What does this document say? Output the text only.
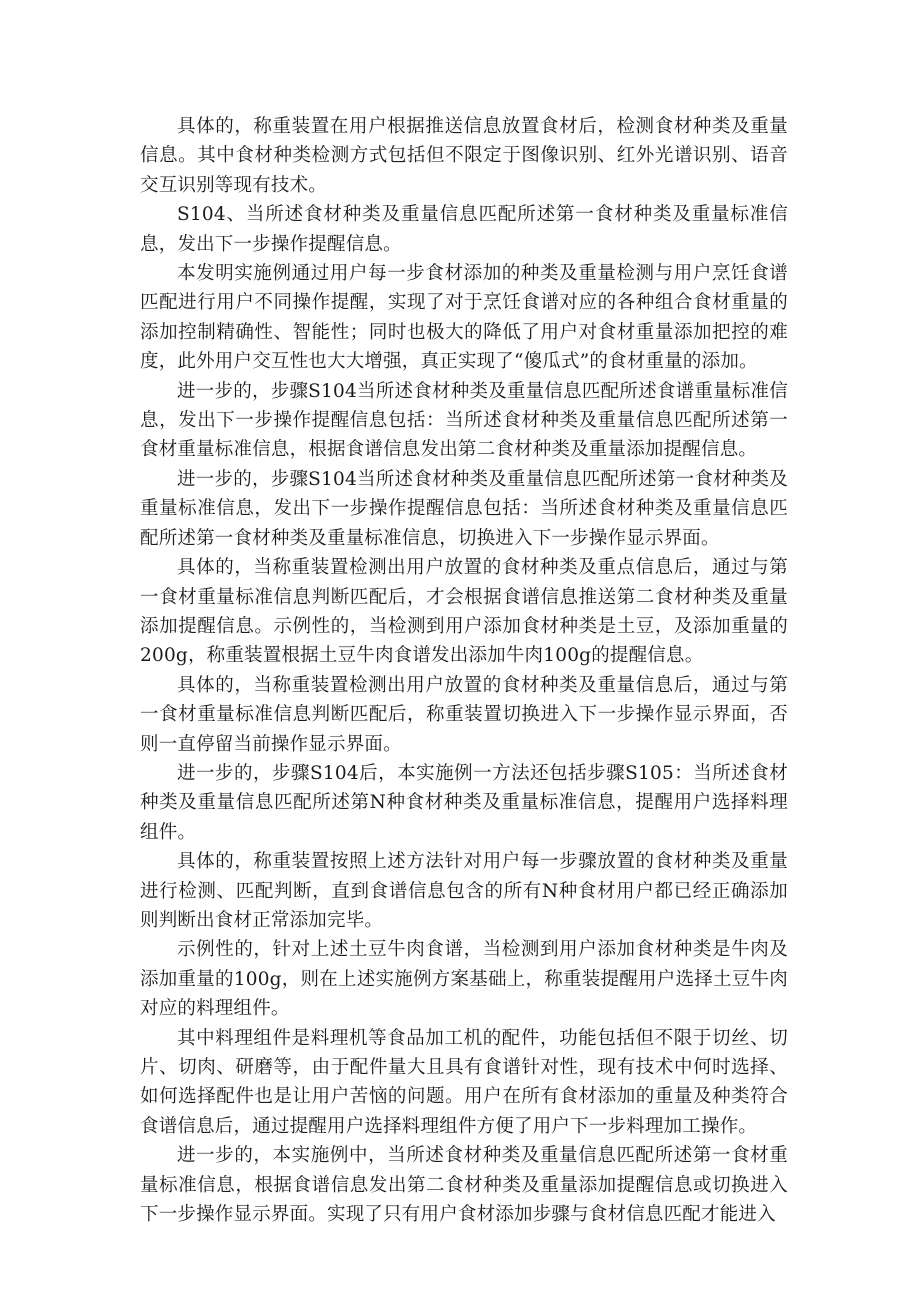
具体的，称重装置在用户根据推送信息放置食材后，检测食材种类及重量信息。其中食材种类检测方式包括但不限定于图像识别、红外光谱识别、语音交互识别等现有技术。

S104、当所述食材种类及重量信息匹配所述第一食材种类及重量标准信息，发出下一步操作提醒信息。

本发明实施例通过用户每一步食材添加的种类及重量检测与用户烹饪食谱匹配进行用户不同操作提醒，实现了对于烹饪食谱对应的各种组合食材重量的添加控制精确性、智能性；同时也极大的降低了用户对食材重量添加把控的难度，此外用户交互性也大大增强，真正实现了“傻瓜式”的食材重量的添加。

进一步的，步骤S104当所述食材种类及重量信息匹配所述食谱重量标准信息，发出下一步操作提醒信息包括：当所述食材种类及重量信息匹配所述第一食材重量标准信息，根据食谱信息发出第二食材种类及重量添加提醒信息。

进一步的，步骤S104当所述食材种类及重量信息匹配所述第一食材种类及重量标准信息，发出下一步操作提醒信息包括：当所述食材种类及重量信息匹配所述第一食材种类及重量标准信息，切换进入下一步操作显示界面。

具体的，当称重装置检测出用户放置的食材种类及重点信息后，通过与第一食材重量标准信息判断匹配后，才会根据食谱信息推送第二食材种类及重量添加提醒信息。示例性的，当检测到用户添加食材种类是土豆，及添加重量的200g，称重装置根据土豆牛肉食谱发出添加牛肉100g的提醒信息。

具体的，当称重装置检测出用户放置的食材种类及重量信息后，通过与第一食材重量标准信息判断匹配后，称重装置切换进入下一步操作显示界面，否则一直停留当前操作显示界面。

进一步的，步骤S104后，本实施例一方法还包括步骤S105：当所述食材种类及重量信息匹配所述第N种食材种类及重量标准信息，提醒用户选择料理组件。

具体的，称重装置按照上述方法针对用户每一步骤放置的食材种类及重量进行检测、匹配判断，直到食谱信息包含的所有N种食材用户都已经正确添加则判断出食材正常添加完毕。

示例性的，针对上述土豆牛肉食谱，当检测到用户添加食材种类是牛肉及添加重量的100g，则在上述实施例方案基础上，称重装提醒用户选择土豆牛肉对应的料理组件。

其中料理组件是料理机等食品加工机的配件，功能包括但不限于切丝、切片、切肉、研磨等，由于配件量大且具有食谱针对性，现有技术中何时选择、如何选择配件也是让用户苦恼的问题。用户在所有食材添加的重量及种类符合食谱信息后，通过提醒用户选择料理组件方便了用户下一步料理加工操作。

进一步的，本实施例中，当所述食材种类及重量信息匹配所述第一食材重量标准信息，根据食谱信息发出第二食材种类及重量添加提醒信息或切换进入下一步操作显示界面。实现了只有用户食材添加步骤与食材信息匹配才能进入
